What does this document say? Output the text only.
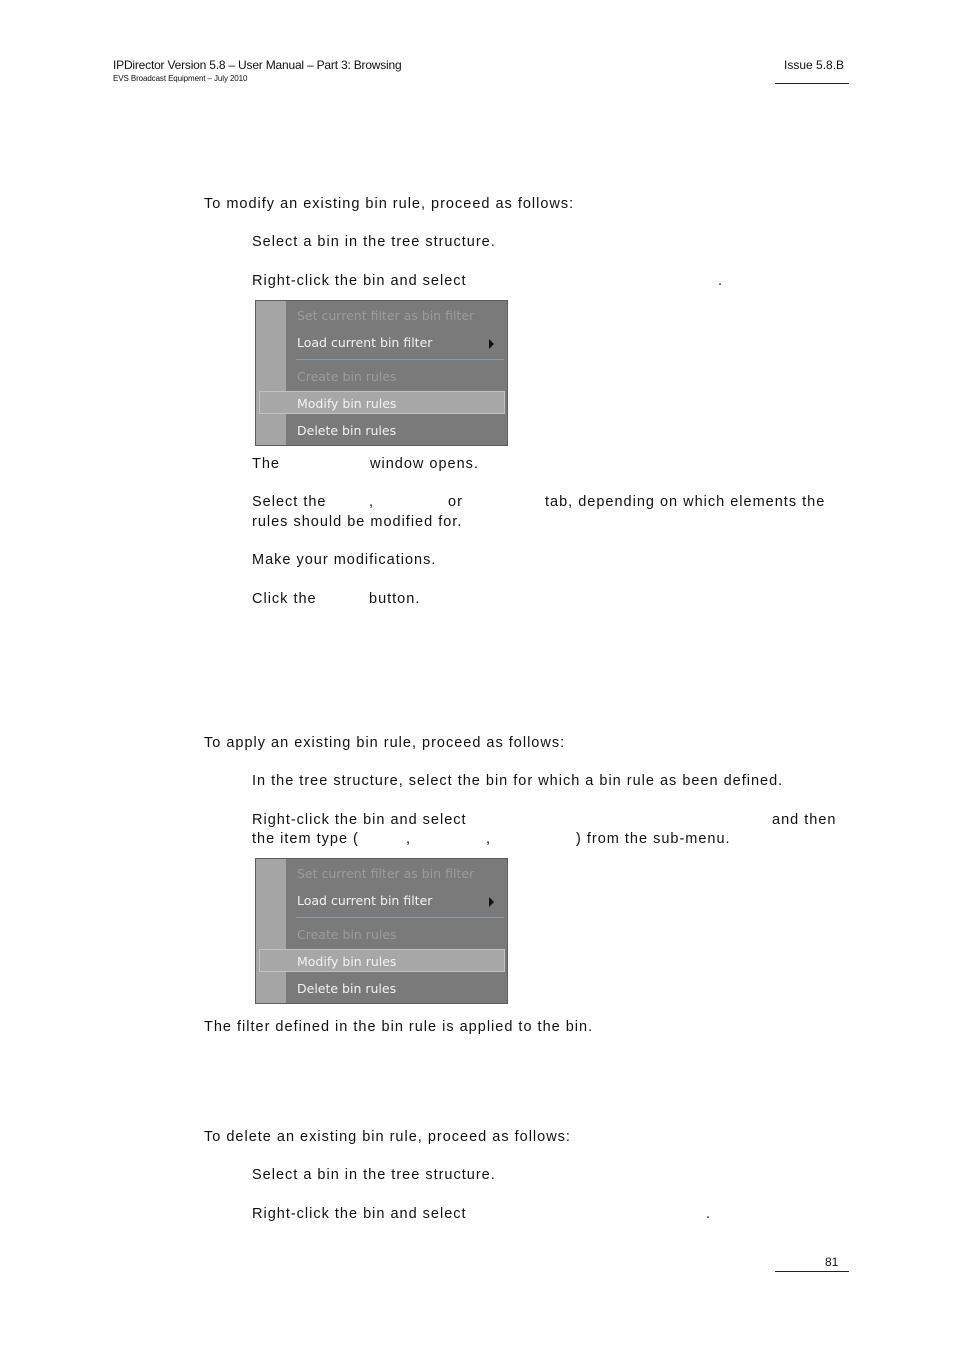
IPDirector Version 5.8 – User Manual – Part 3: Browsing
EVS Broadcast Equipment – July 2010
Issue 5.8.B
To modify an existing bin rule, proceed as follows:
Select a bin in the tree structure.
Right-click the bin and select	.
Set current filter as bin filter
Load current bin filter
Create bin rules
Modify bin rules
Delete bin rules
The	window opens.
Select the	,	or	tab, depending on which elements the
rules should be modified for.
Make your modifications.
Click the	button.
To apply an existing bin rule, proceed as follows:
In the tree structure, select the bin for which a bin rule as been defined.
Right-click the bin and select	and then
the item type (	,	,	) from the sub-menu.
Set current filter as bin filter
Load current bin filter
Create bin rules
Modify bin rules
Delete bin rules
The filter defined in the bin rule is applied to the bin.
To delete an existing bin rule, proceed as follows:
Select a bin in the tree structure.
Right-click the bin and select	.
81
